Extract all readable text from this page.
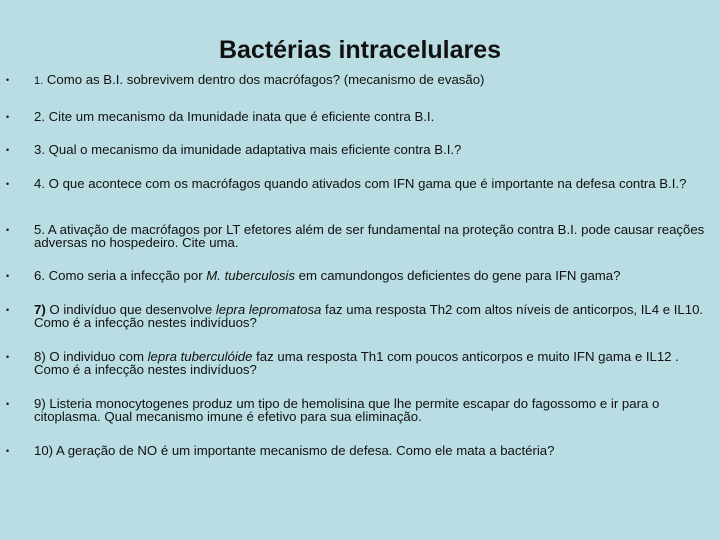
Bactérias intracelulares
• 1. Como as B.I. sobrevivem dentro dos macrófagos? (mecanismo de evasão)
• 2. Cite um mecanismo da Imunidade inata que é eficiente contra B.I.
• 3. Qual o mecanismo da imunidade adaptativa mais eficiente contra B.I.?
• 4. O que acontece com os macrófagos quando ativados com IFN gama que é importante na defesa contra B.I.?
• 5. A ativação de macrófagos por LT efetores além de ser fundamental na proteção contra B.I. pode causar reações adversas no hospedeiro. Cite uma.
• 6. Como seria a infecção por M. tuberculosis em camundongos deficientes do gene para IFN gama?
• 7) O indivíduo que desenvolve lepra lepromatosa faz uma resposta Th2 com altos níveis de anticorpos, IL4 e IL10. Como é a infecção nestes indivíduos?
• 8) O individuo com lepra tuberculóide faz uma resposta Th1 com poucos anticorpos e muito IFN gama e IL12 . Como é a infecção nestes indivíduos?
• 9) Listeria monocytogenes produz um tipo de hemolisina que lhe permite escapar do fagossomo e ir para o citoplasma. Qual mecanismo imune é efetivo para sua eliminação.
• 10) A geração de NO é um importante mecanismo de defesa. Como ele mata a bactéria?
